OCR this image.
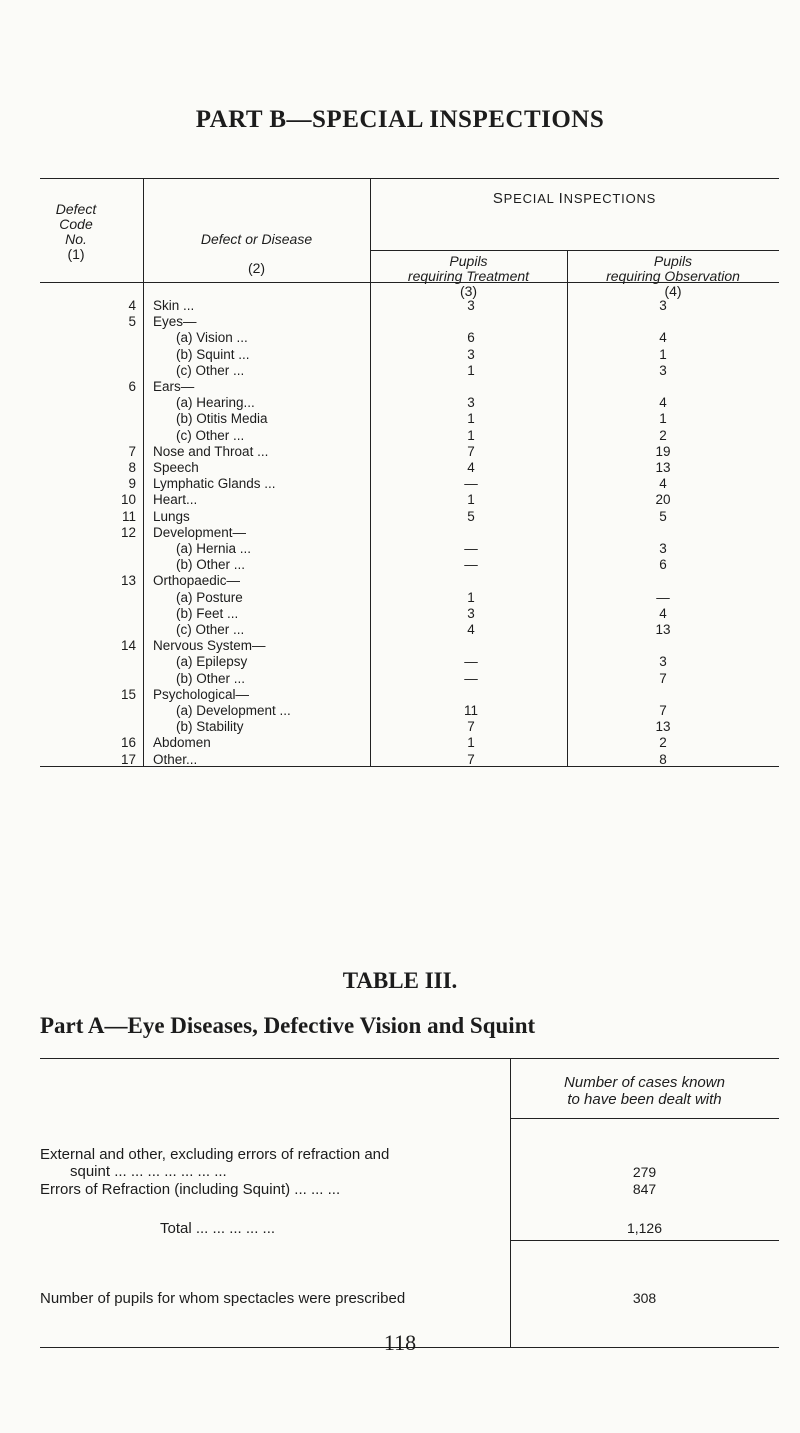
PART B—SPECIAL INSPECTIONS
SPECIAL INSPECTIONS
Defect
Code
No.
(1)
Defect or Disease
(2)	Pupils
requiring Treatment
(3)
Pupils
requiring Observation
(4)
4 Skin ...	3	3
5 Eyes—
(a) Vision ...	6	4
(b) Squint ...	3	1
(c) Other ...	1	3
6 Ears—
(a) Hearing...	3	4
(b) Otitis Media	1	1
(c) Other ...	1	2
7 Nose and Throat ...	7	19
8 Speech	4	13
9 Lymphatic Glands ...	—	4
10 Heart...	1	20
11 Lungs	5	5
12 Development—
(a) Hernia ...	—	3
(b) Other ...	—	6
13 Orthopaedic—
(a) Posture	1	—
(b) Feet ...	3	4
(c) Other ...	4	13
14 Nervous System—
(a) Epilepsy	—	3
(b) Other ...	—	7
15 Psychological—
(a) Development ...	11	7
(b) Stability	7	13
16 Abdomen	1	2
17 Other...	7	8
TABLE III.
Part A—Eye Diseases, Defective Vision and Squint
Number of cases known
to have been dealt with
External and other, excluding errors of refraction and
squint ... ... ... ... ... ... ...	279
Errors of Refraction (including Squint) ... ... ...	847
Total ... ... ... ... ...	1,126
Number of pupils for whom spectacles were prescribed	308
118
